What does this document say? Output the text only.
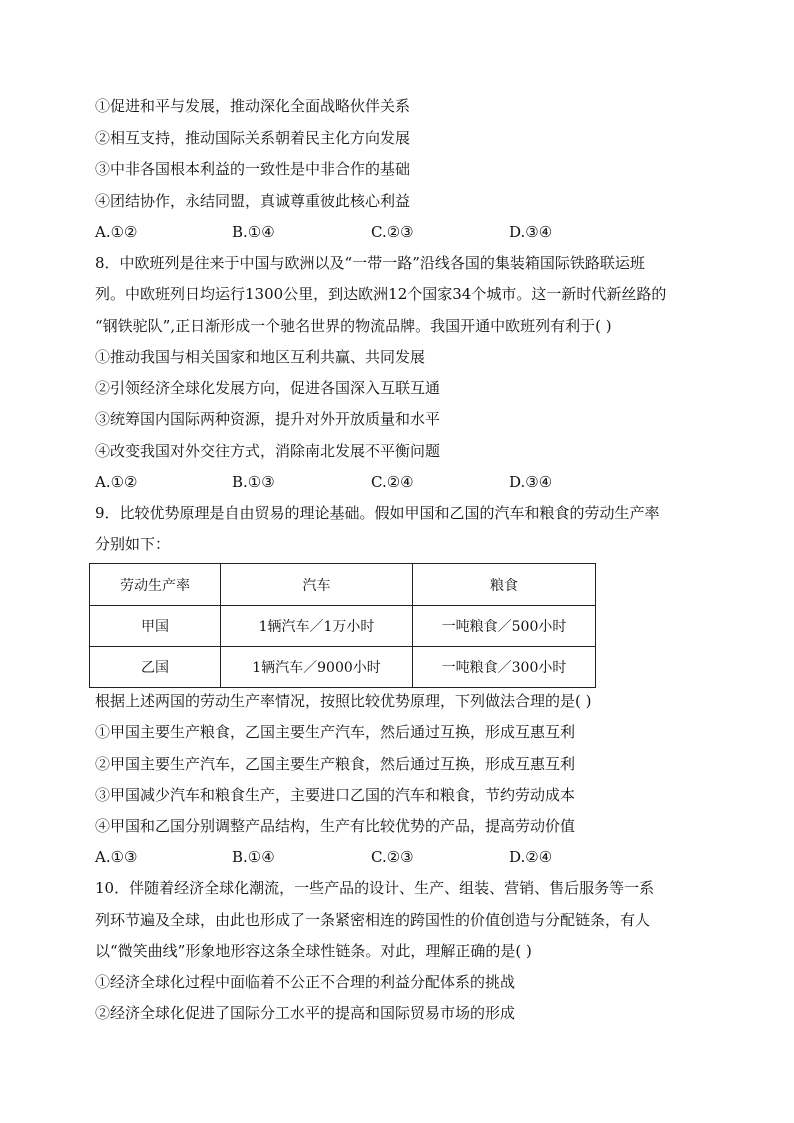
①促进和平与发展，推动深化全面战略伙伴关系
②相互支持，推动国际关系朝着民主化方向发展
③中非各国根本利益的一致性是中非合作的基础
④团结协作，永结同盟，真诚尊重彼此核心利益
A.①②	B.①④	C.②③	D.③④
8．中欧班列是往来于中国与欧洲以及“一带一路”沿线各国的集装箱国际铁路联运班
列。中欧班列日均运行1300公里，到达欧洲12个国家34个城市。这一新时代新丝路的
“钢铁驼队”,正日渐形成一个驰名世界的物流品牌。我国开通中欧班列有利于( )
①推动我国与相关国家和地区互利共赢、共同发展
②引领经济全球化发展方向，促进各国深入互联互通
③统筹国内国际两种资源，提升对外开放质量和水平
④改变我国对外交往方式，消除南北发展不平衡问题
A.①②	B.①③	C.②④	D.③④
9．比较优势原理是自由贸易的理论基础。假如甲国和乙国的汽车和粮食的劳动生产率
分别如下：
劳动生产率	汽车	粮食
甲国	1辆汽车／1万小时	一吨粮食／500小时
乙国	1辆汽车／9000小时	一吨粮食／300小时
根据上述两国的劳动生产率情况，按照比较优势原理，下列做法合理的是( )
①甲国主要生产粮食，乙国主要生产汽车，然后通过互换，形成互惠互利
②甲国主要生产汽车，乙国主要生产粮食，然后通过互换，形成互惠互利
③甲国减少汽车和粮食生产，主要进口乙国的汽车和粮食，节约劳动成本
④甲国和乙国分别调整产品结构，生产有比较优势的产品，提高劳动价值
A.①③	B.①④	C.②③	D.②④
10．伴随着经济全球化潮流，一些产品的设计、生产、组装、营销、售后服务等一系
列环节遍及全球，由此也形成了一条紧密相连的跨国性的价值创造与分配链条，有人
以“微笑曲线”形象地形容这条全球性链条。对此，理解正确的是( )
①经济全球化过程中面临着不公正不合理的利益分配体系的挑战
②经济全球化促进了国际分工水平的提高和国际贸易市场的形成
